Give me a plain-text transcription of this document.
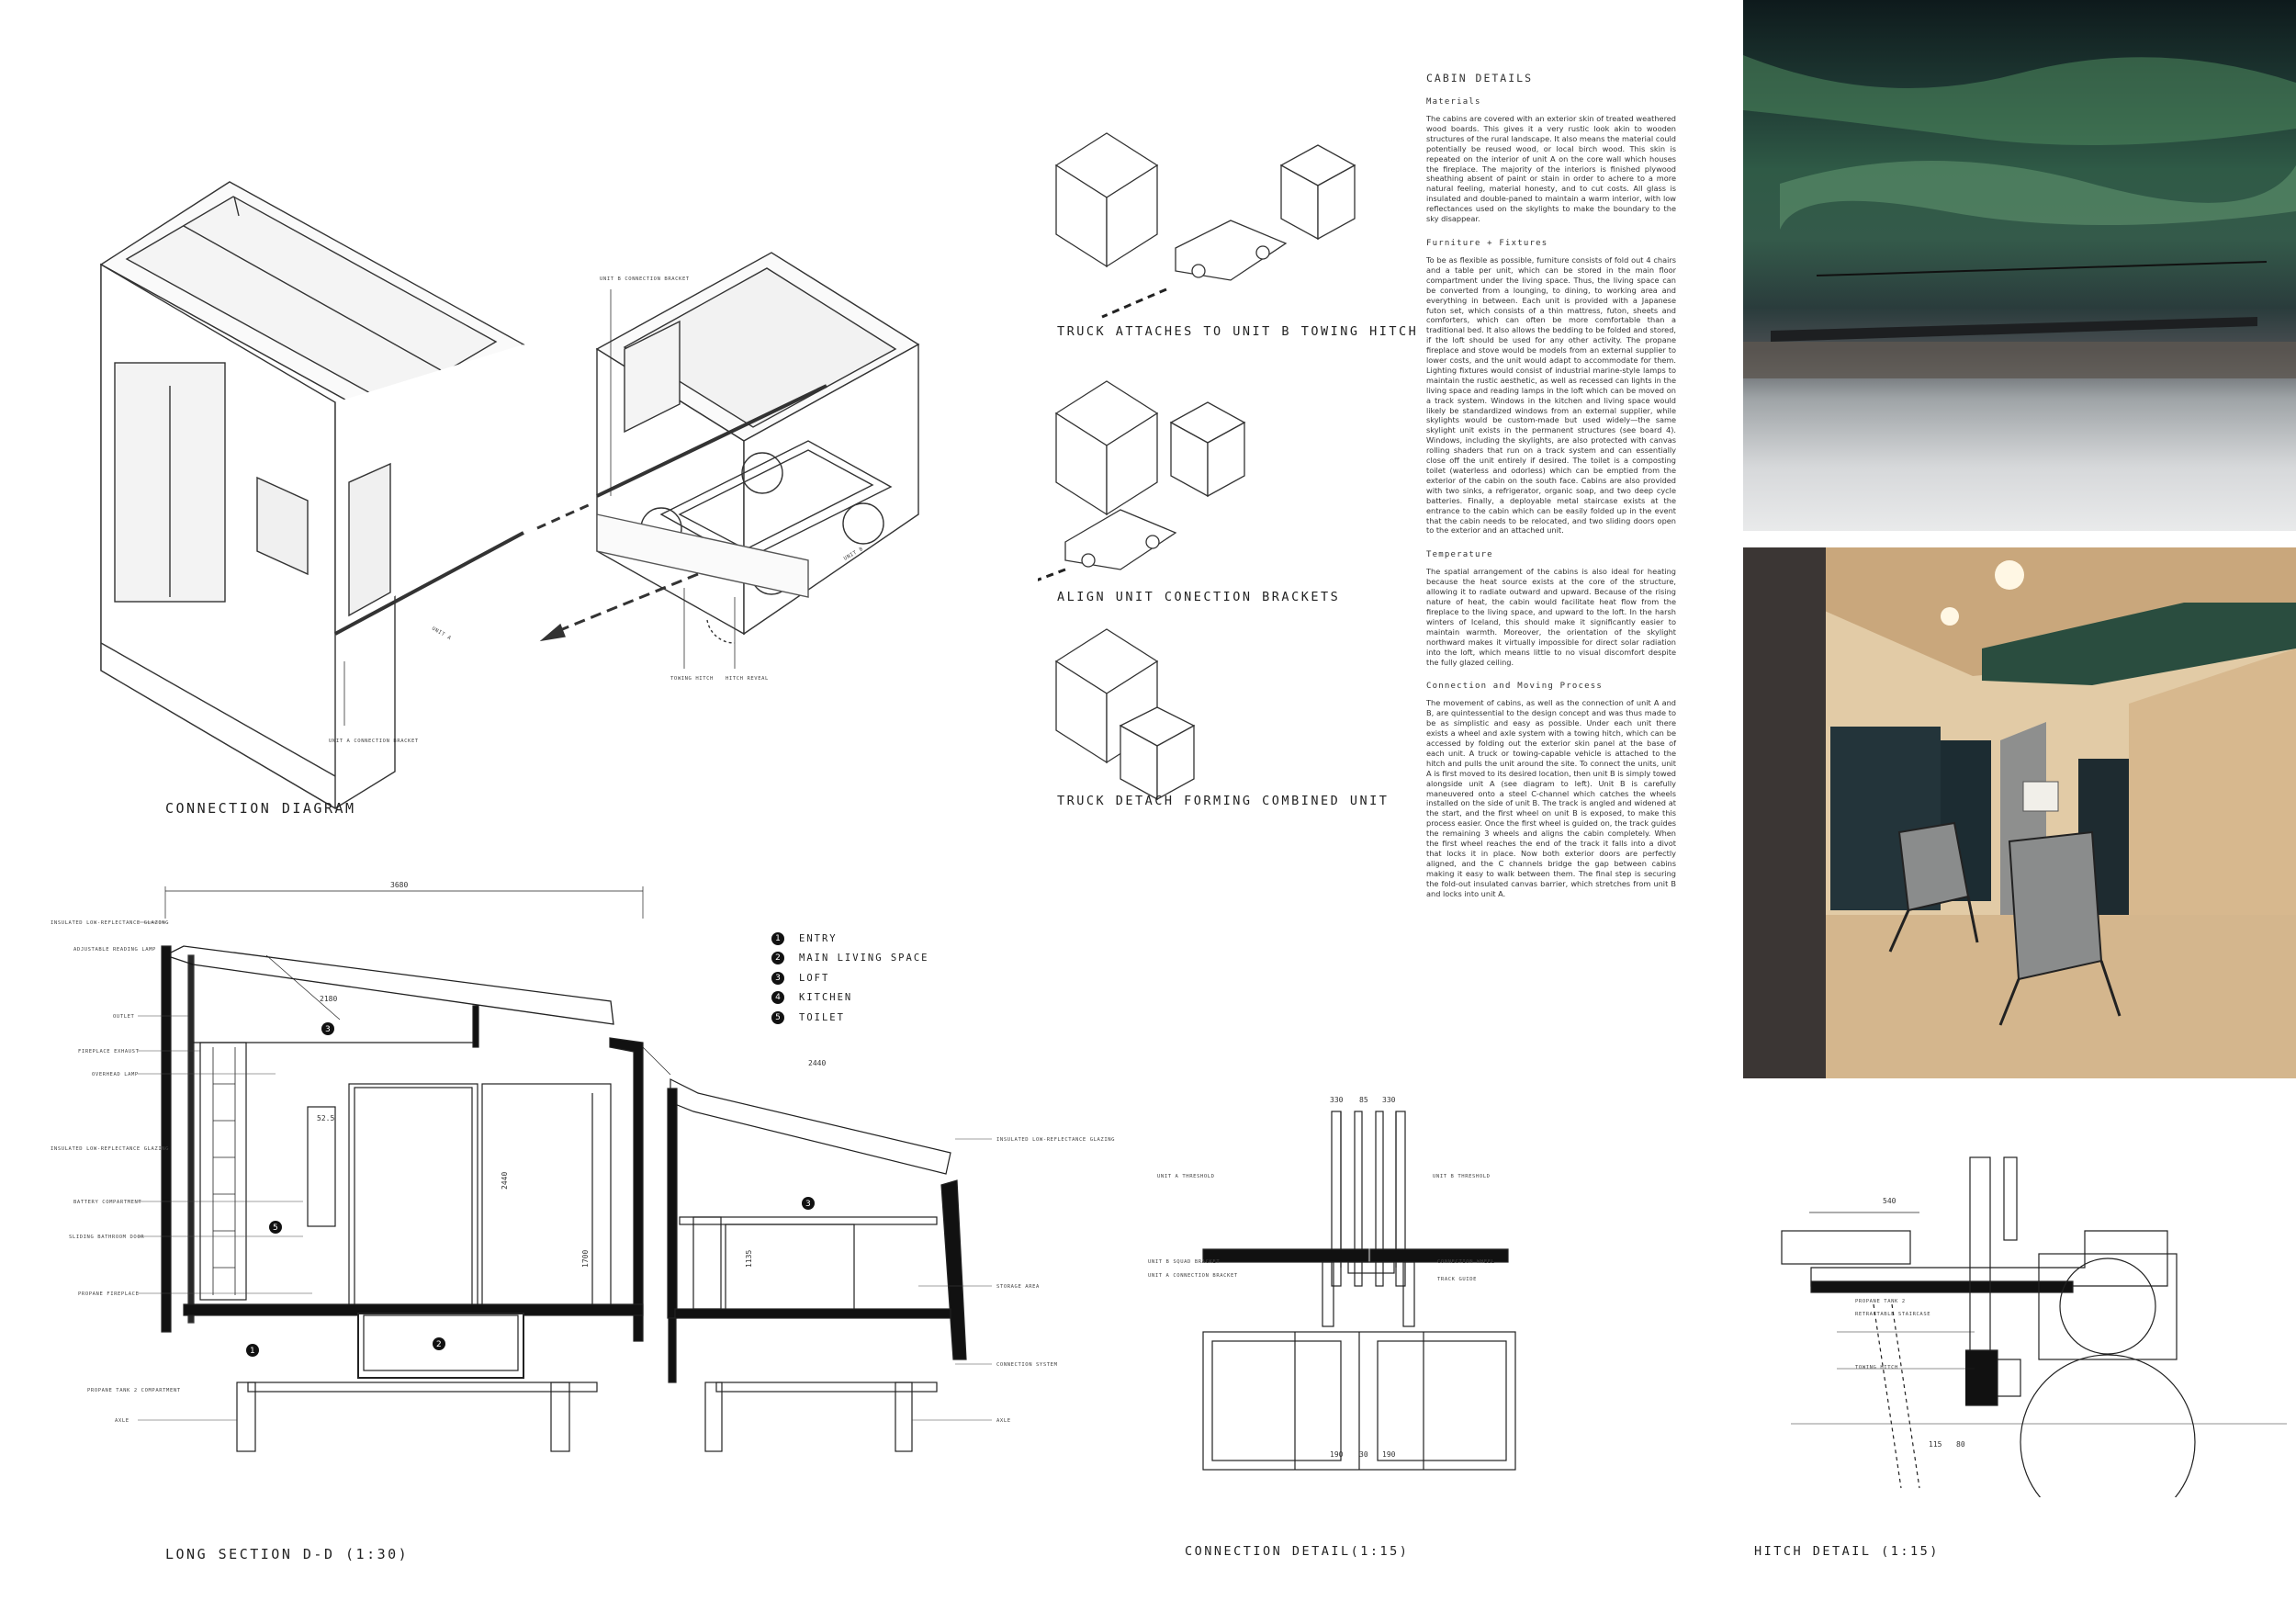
UNIT B CONNECTION BRACKET
UNIT A CONNECTION BRACKET
TOWING HITCH HITCH REVEAL
UNIT A
UNIT B
CONNECTION DIAGRAM
TRUCK ATTACHES TO UNIT B TOWING HITCH
ALIGN UNIT CONECTION BRACKETS
TRUCK DETACH FORMING COMBINED UNIT
CABIN DETAILS
Materials

The cabins are covered with an exterior skin of treated weathered wood boards. This gives it a very rustic look akin to wooden structures of the rural landscape. It also means the material could potentially be reused wood, or local birch wood. This skin is repeated on the interior of unit A on the core wall which houses the fireplace. The majority of the interiors is finished plywood sheathing absent of paint or stain in order to achere to a more natural feeling, material honesty, and to cut costs. All glass is insulated and double-paned to maintain a warm interior, with low reflectances used on the skylights to make the boundary to the sky disappear.

Furniture + Fixtures

To be as flexible as possible, furniture consists of fold out 4 chairs and a table per unit, which can be stored in the main floor compartment under the living space. Thus, the living space can be converted from a lounging, to dining, to working area and everything in between. Each unit is provided with a Japanese futon set, which consists of a thin mattress, futon, sheets and comforters, which can often be more comfortable than a traditional bed. It also allows the bedding to be folded and stored, if the loft should be used for any other activity. The propane fireplace and stove would be models from an external supplier to lower costs, and the unit would adapt to accommodate for them. Lighting fixtures would consist of industrial marine-style lamps to maintain the rustic aesthetic, as well as recessed can lights in the living space and reading lamps in the loft which can be moved on a track system. Windows in the kitchen and living space would likely be standardized windows from an external supplier, while skylights would be custom-made but used widely—the same skylight unit exists in the permanent structures (see board 4). Windows, including the skylights, are also protected with canvas rolling shaders that run on a track system and can essentially close off the unit entirely if desired. The toilet is a composting toilet (waterless and odorless) which can be emptied from the exterior of the cabin on the south face. Cabins are also provided with two sinks, a refrigerator, organic soap, and two deep cycle batteries. Finally, a deployable metal staircase exists at the entrance to the cabin which can be easily folded up in the event that the cabin needs to be relocated, and two sliding doors open to the exterior and an attached unit.

Temperature

The spatial arrangement of the cabins is also ideal for heating because the heat source exists at the core of the structure, allowing it to radiate outward and upward. Because of the rising nature of heat, the cabin would facilitate heat flow from the fireplace to the living space, and upward to the loft. In the harsh winters of Iceland, this should make it significantly easier to maintain warmth. Moreover, the orientation of the skylight northward makes it virtually impossible for direct solar radiation into the loft, which means little to no visual discomfort despite the fully glazed ceiling.

Connection and Moving Process

The movement of cabins, as well as the connection of unit A and B, are quintessential to the design concept and was thus made to be as simplistic and easy as possible. Under each unit there exists a wheel and axle system with a towing hitch, which can be accessed by folding out the exterior skin panel at the base of each unit. A truck or towing-capable vehicle is attached to the hitch and pulls the unit around the site. To connect the units, unit A is first moved to its desired location, then unit B is simply towed alongside unit A (see diagram to left). Unit B is carefully maneuvered onto a steel C-channel which catches the wheels installed on the side of unit B. The track is angled and widened at the start, and the first wheel on unit B is exposed, to make this process easier. Once the first wheel is guided on, the track guides the remaining 3 wheels and aligns the cabin completely. When the first wheel reaches the end of the track it falls into a divot that locks it in place. Now both exterior doors are perfectly aligned, and the C channels bridge the gap between cabins making it easy to walk between them. The final step is securing the fold-out insulated canvas barrier, which stretches from unit B and locks into unit A.

3
5
1
2
3
3680
2180
2440
52.5
2440
1700	1135
INSULATED LOW-REFLECTANCE GLAZING
ADJUSTABLE READING LAMP
OUTLET
FIREPLACE EXHAUST
OVERHEAD LAMP
INSULATED LOW-REFLECTANCE GLAZING
BATTERY COMPARTMENT
SLIDING BATHROOM DOOR
PROPANE FIREPLACE
PROPANE TANK 2 COMPARTMENT
AXLE
INSULATED LOW-REFLECTANCE GLAZING
STORAGE AREA
CONNECTION SYSTEM
AXLE
1	ENTRY
2	MAIN LIVING SPACE
3	LOFT
4	KITCHEN
5	TOILET
LONG SECTION D-D (1:30)
UNIT A THRESHOLD	UNIT B THRESHOLD
UNIT B SQUAD BRACKET
UNIT A CONNECTION BRACKET
CONNECTION WHEEL
TRACK GUIDE
330 85 330
190 30 190
CONNECTION DETAIL(1:15)
PROPANE TANK 2
RETRACTABLE STAIRCASE
TOWING HITCH
540
115 80
HITCH DETAIL (1:15)
